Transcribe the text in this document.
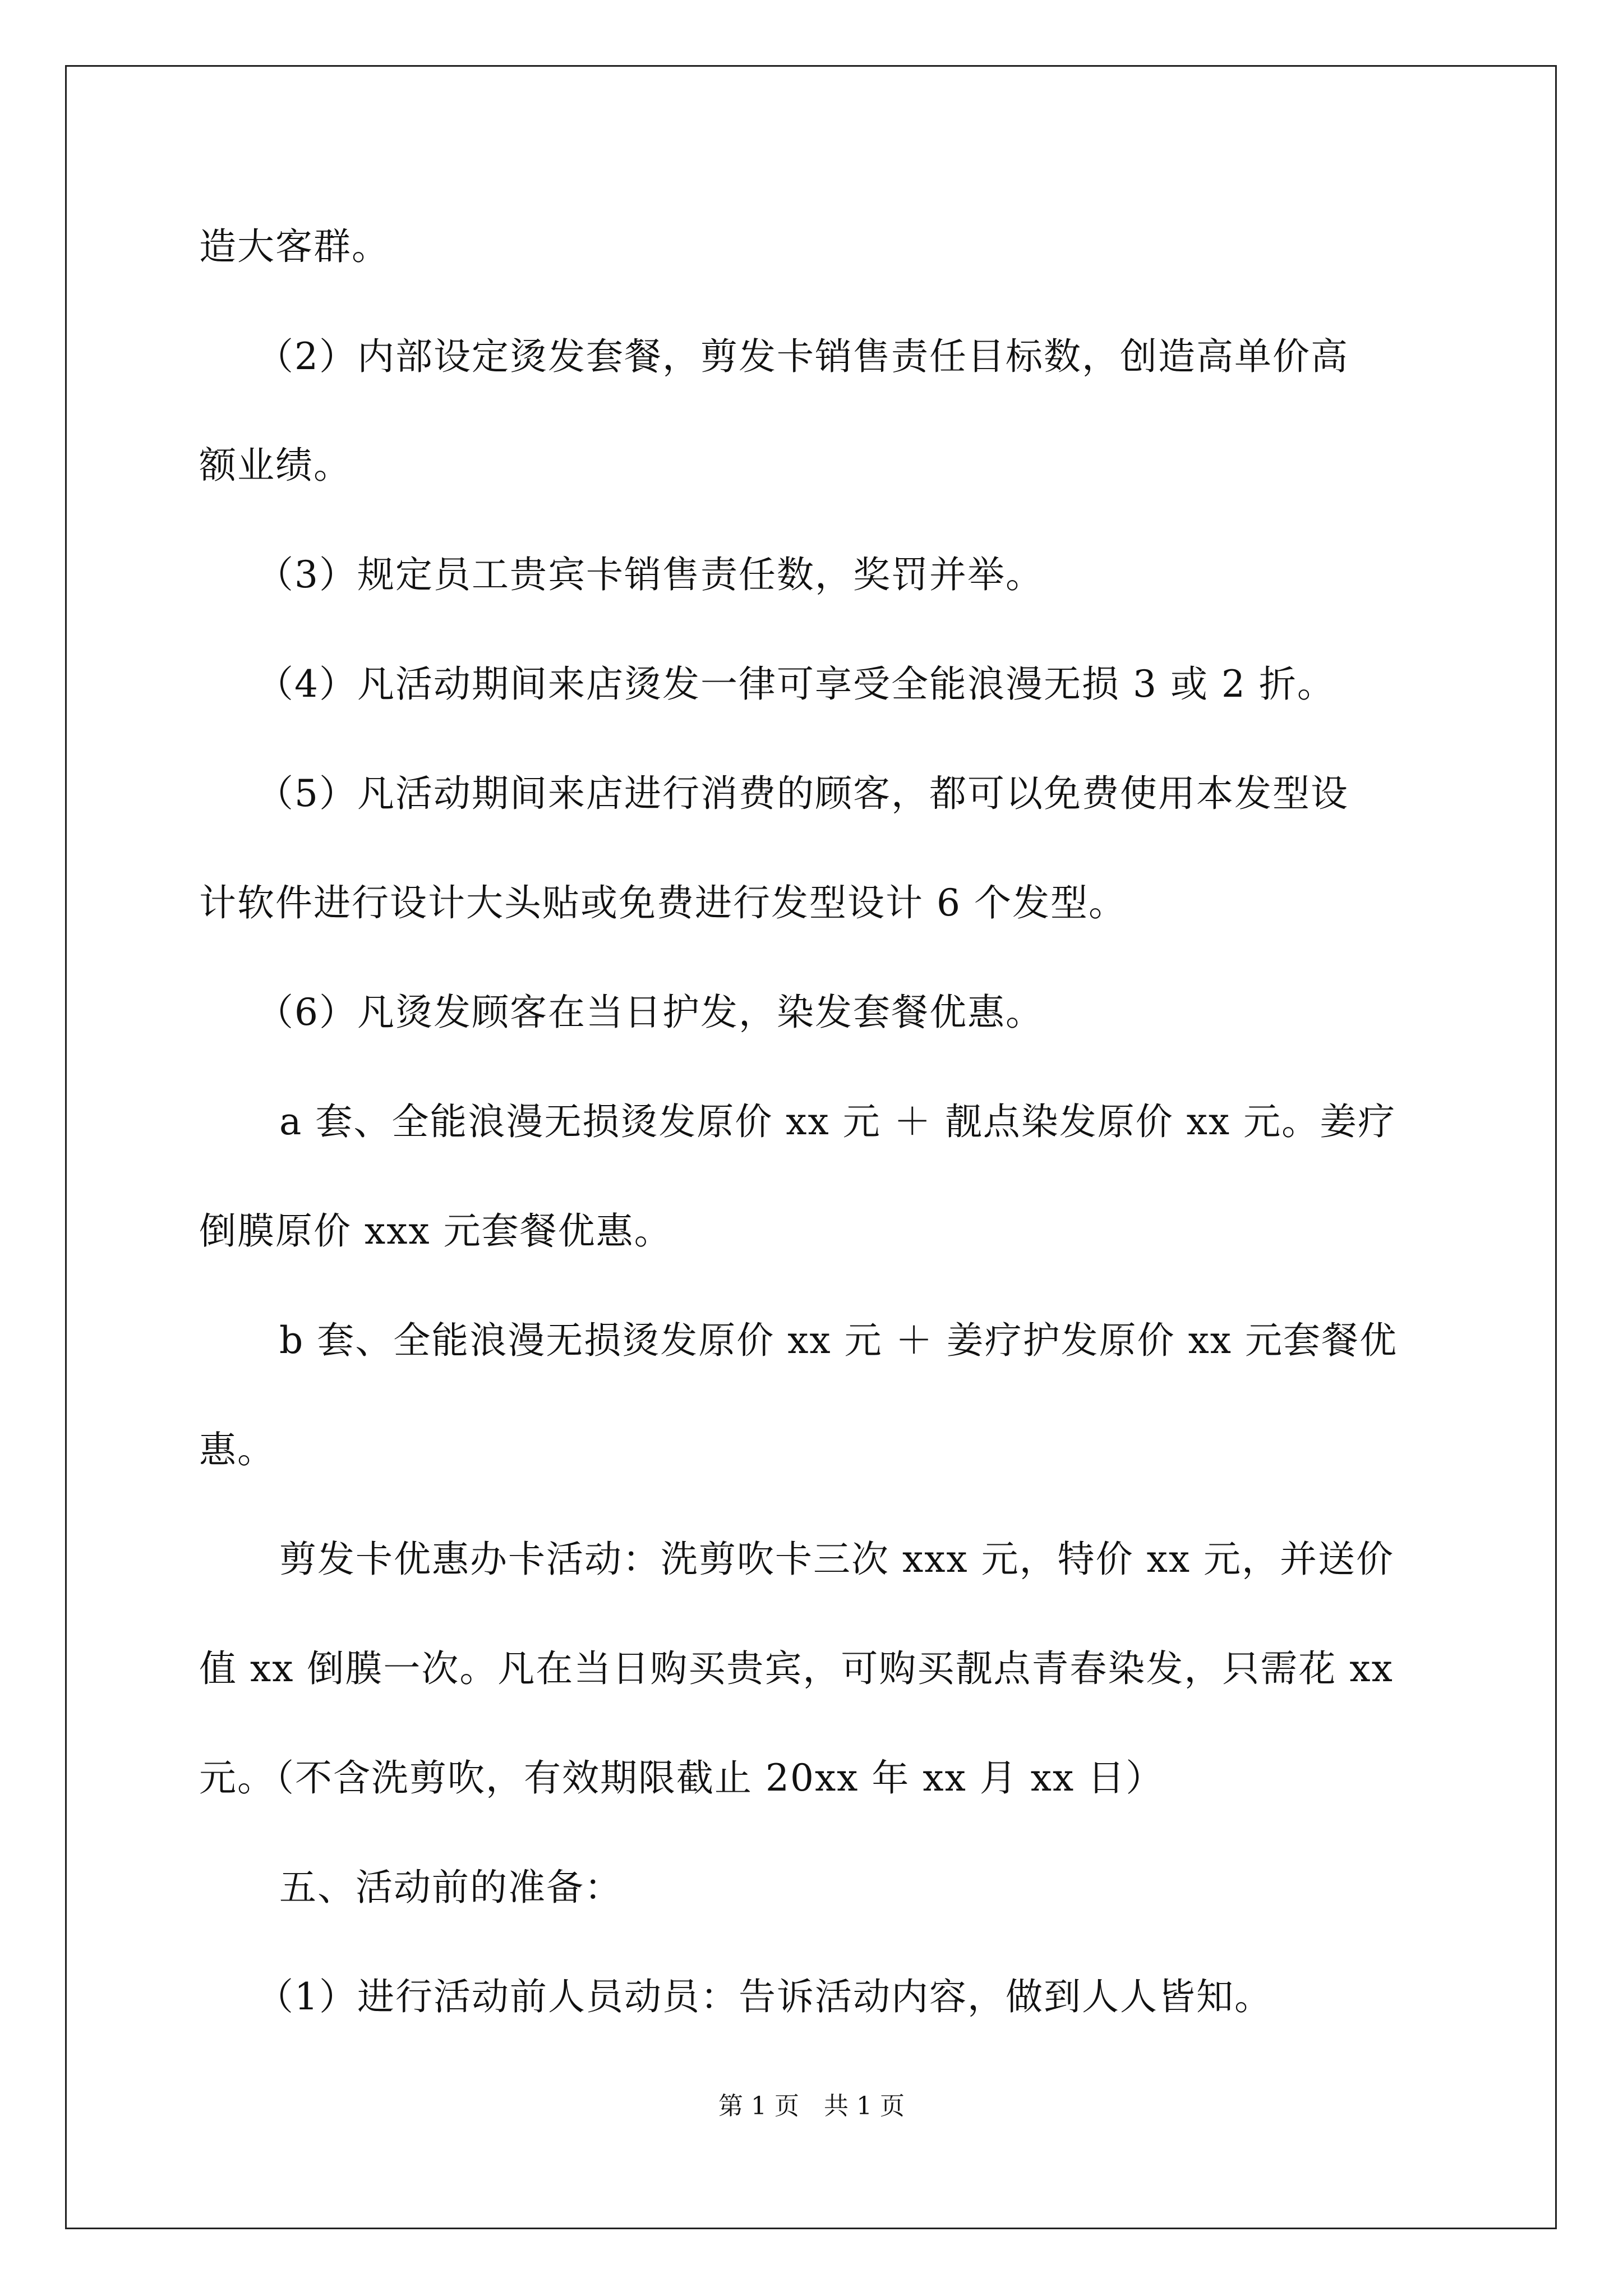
造大客群。
（2）内部设定烫发套餐，剪发卡销售责任目标数，创造高单价高
额业绩。
（3）规定员工贵宾卡销售责任数，奖罚并举。
（4）凡活动期间来店烫发一律可享受全能浪漫无损 3 或 2 折。
（5）凡活动期间来店进行消费的顾客，都可以免费使用本发型设
计软件进行设计大头贴或免费进行发型设计 6 个发型。
（6）凡烫发顾客在当日护发，染发套餐优惠。
a 套、全能浪漫无损烫发原价 xx 元 ＋ 靓点染发原价 xx 元。姜疗
倒膜原价 xxx 元套餐优惠。
b 套、全能浪漫无损烫发原价 xx 元 ＋ 姜疗护发原价 xx 元套餐优
惠。
剪发卡优惠办卡活动：洗剪吹卡三次 xxx 元，特价 xx 元，并送价
值 xx 倒膜一次。凡在当日购买贵宾，可购买靓点青春染发，只需花 xx
元。（不含洗剪吹，有效期限截止 20xx 年 xx 月 xx 日）
五、活动前的准备：
（1）进行活动前人员动员：告诉活动内容，做到人人皆知。
第 1 页　共 1 页
